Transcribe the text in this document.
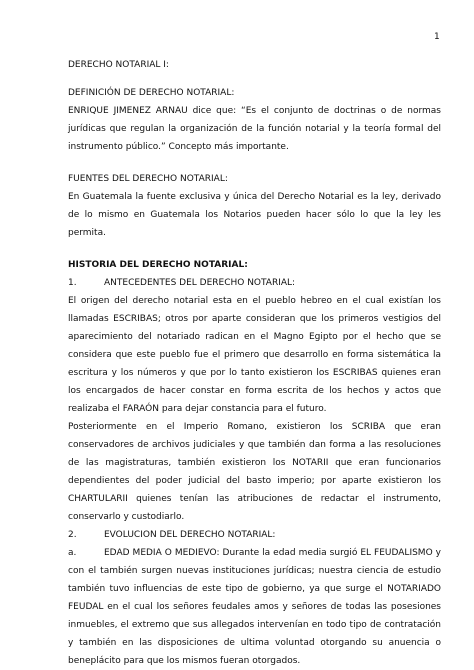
1

DERECHO NOTARIAL I:

DEFINICIÓN DE DERECHO NOTARIAL:

ENRIQUE JIMENEZ ARNAU dice que: “Es el conjunto de doctrinas o de normas jurídicas que regulan la organización de la función notarial y la teoría formal del instrumento público.” Concepto más importante.

FUENTES DEL DERECHO NOTARIAL:

En Guatemala la fuente exclusiva y única del Derecho Notarial es la ley, derivado de lo mismo en Guatemala los Notarios pueden hacer sólo lo que la ley les permita.

HISTORIA DEL DERECHO NOTARIAL:

1.	ANTECEDENTES DEL DERECHO NOTARIAL:

El origen del derecho notarial esta en el pueblo hebreo en el cual existían los llamadas ESCRIBAS; otros por aparte consideran que los primeros vestigios del aparecimiento del notariado radican en el Magno Egipto por el hecho que se considera que este pueblo fue el primero que desarrollo en forma sistemática la escritura y los números y que por lo tanto existieron los ESCRIBAS quienes eran los encargados de hacer constar en forma escrita de los hechos y actos que realizaba el FARAÓN para dejar constancia para el futuro.

Posteriormente en el Imperio Romano, existieron los SCRIBA que eran conservadores de archivos judiciales y que también dan forma a las resoluciones de las magistraturas, también existieron los NOTARII que eran funcionarios dependientes del poder judicial del basto imperio; por aparte existieron los CHARTULARII quienes tenían las atribuciones de redactar el instrumento, conservarlo y custodiarlo.

2.	EVOLUCION DEL DERECHO NOTARIAL:

a.	EDAD MEDIA O MEDIEVO: Durante la edad media surgió EL FEUDALISMO y con el también surgen nuevas instituciones jurídicas; nuestra ciencia de estudio también tuvo influencias de este tipo de gobierno, ya que surge el NOTARIADO FEUDAL en el cual los señores feudales amos y señores de todas las posesiones inmuebles, el extremo que sus allegados intervenían en todo tipo de contratación y también en las disposiciones de ultima voluntad otorgando su anuencia o beneplácito para que los mismos fueran otorgados.
